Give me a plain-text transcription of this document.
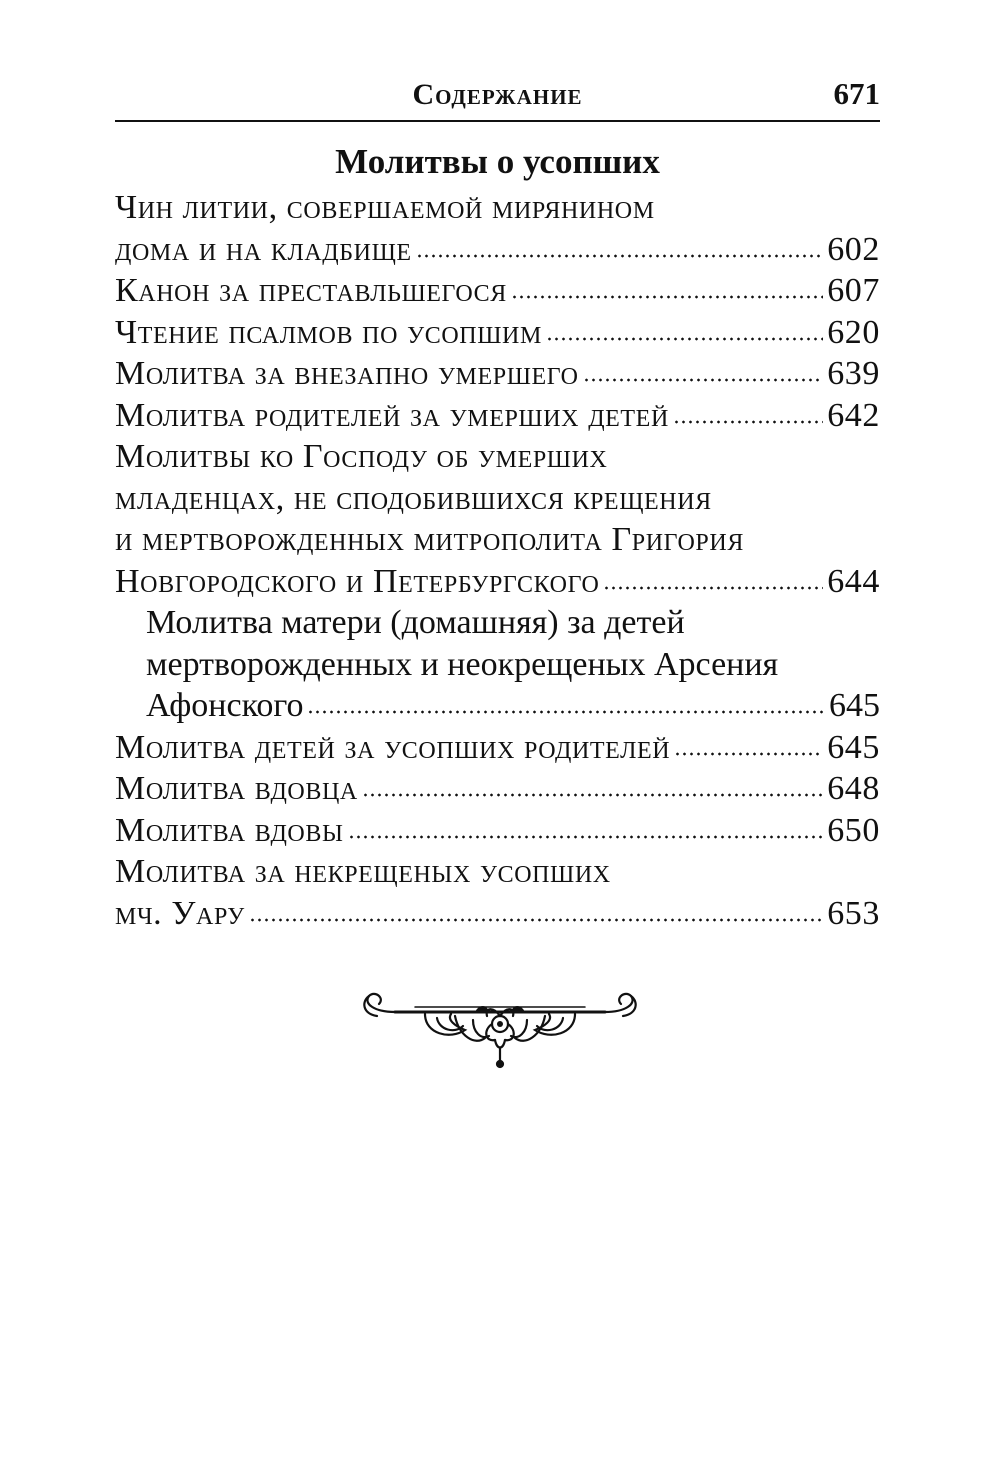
Содержание	671
Молитвы о усопших
Чин литии, совершаемой мирянином
дома и на кладбище	602
Канон за преставльшегося	607
Чтение псалмов по усопшим	620
Молитва за внезапно умершего	639
Молитва родителей за умерших детей	642
Молитвы ко Господу об умерших
младенцах, не сподобившихся крещения
и мертворожденных митрополита Григория
Новгородского и Петербургского	644
Молитва матери (домашняя) за детей
мертворожденных и неокрещеных Арсения
Афонского	645
Молитва детей за усопших родителей	645
Молитва вдовца	648
Молитва вдовы	650
Молитва за некрещеных усопших
мч. Уару	653
